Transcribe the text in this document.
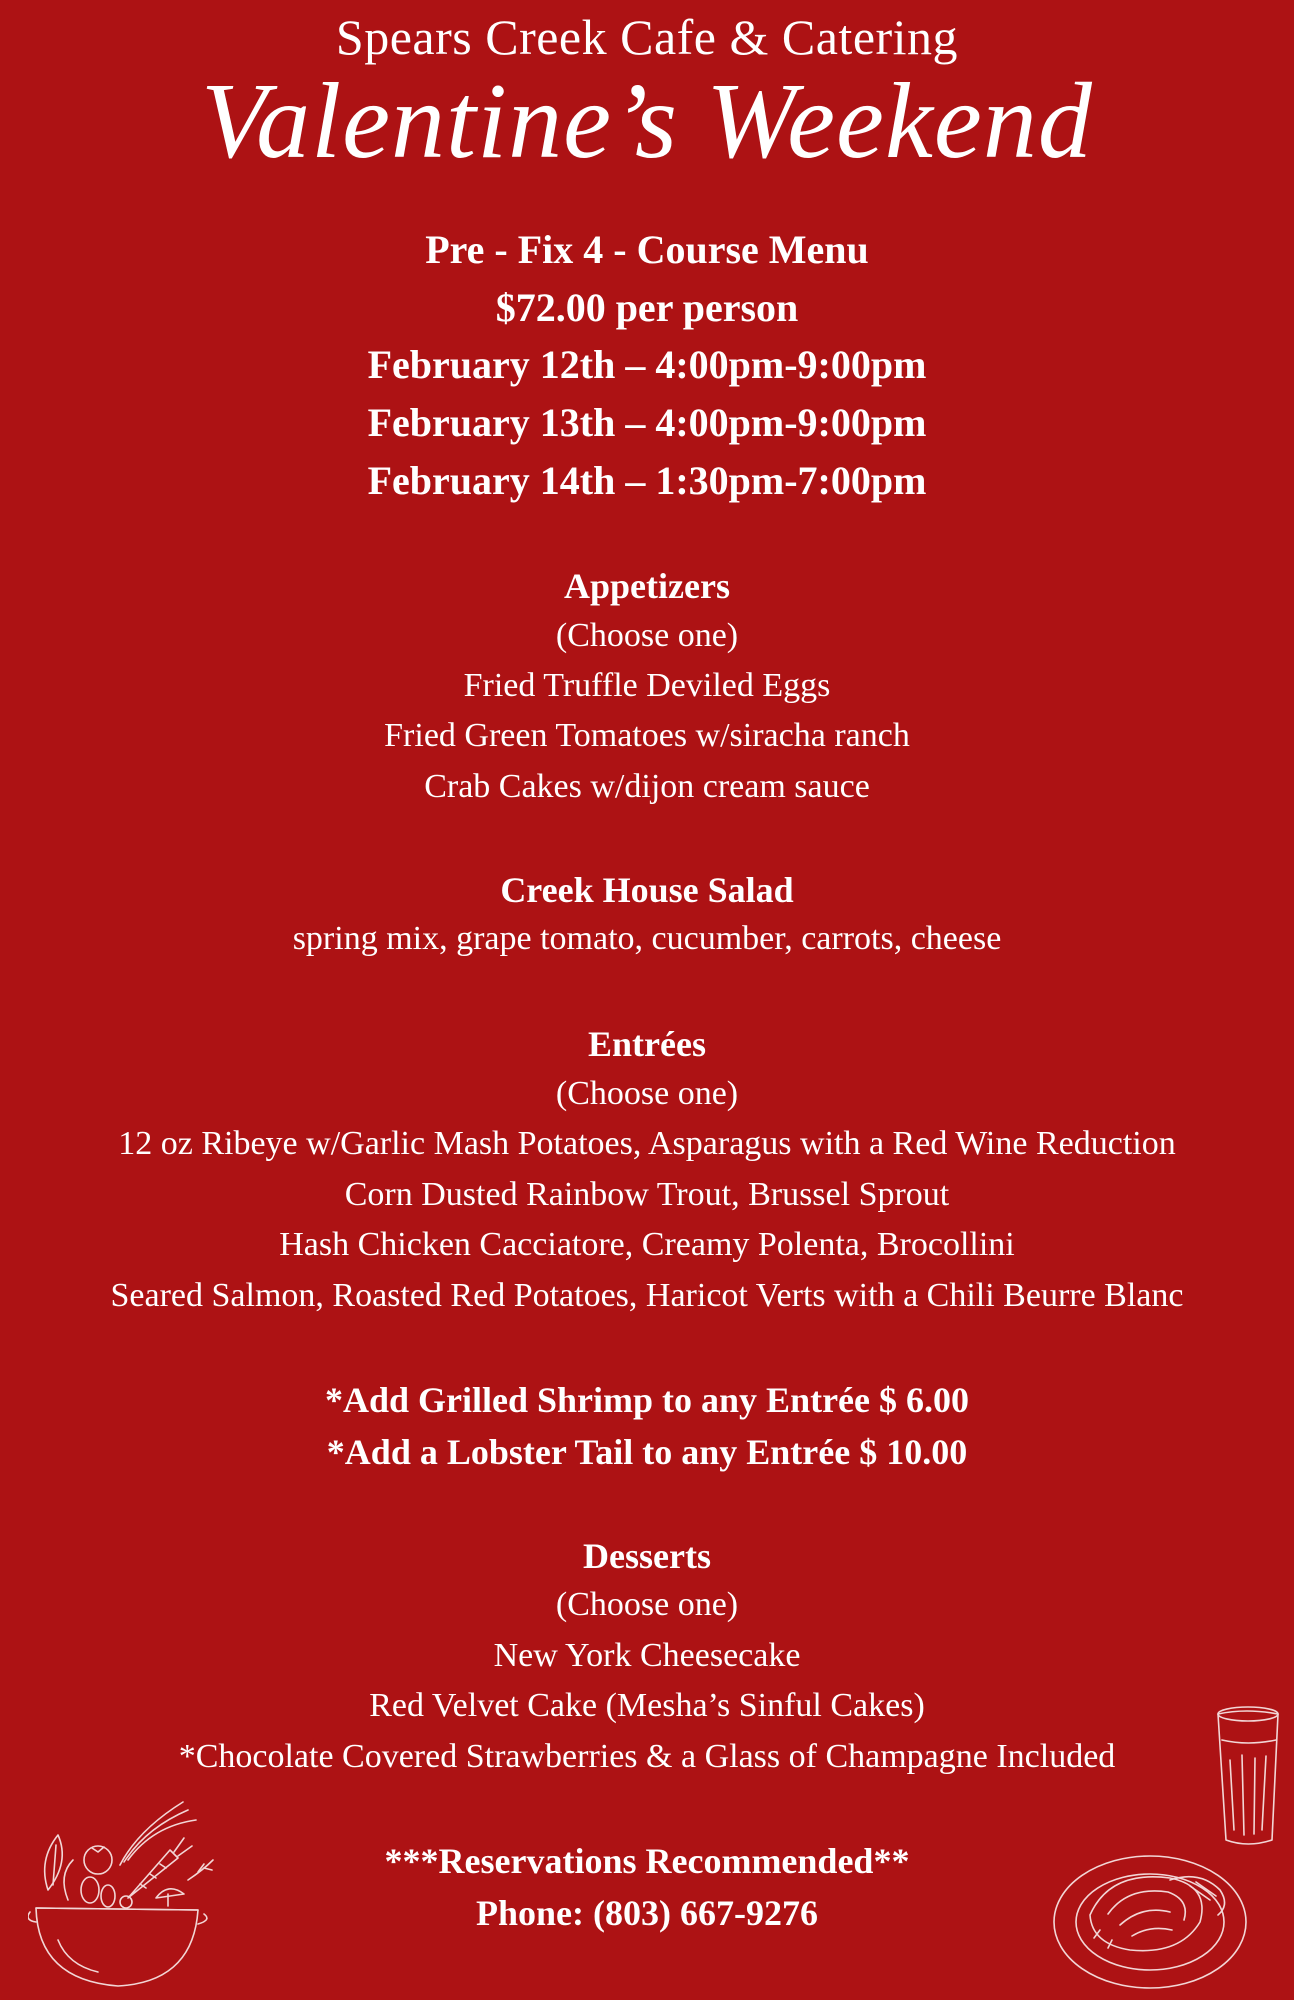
Spears Creek Cafe & Catering
Valentine’s Weekend
Pre - Fix 4 - Course Menu
$72.00 per person
February 12th – 4:00pm-9:00pm
February 13th – 4:00pm-9:00pm
February 14th – 1:30pm-7:00pm
Appetizers
(Choose one)
Fried Truffle Deviled Eggs
Fried Green Tomatoes w/siracha ranch
Crab Cakes w/dijon cream sauce
Creek House Salad
spring mix, grape tomato, cucumber, carrots, cheese
Entrées
(Choose one)
12 oz Ribeye w/Garlic Mash Potatoes, Asparagus with a Red Wine Reduction
Corn Dusted Rainbow Trout, Brussel Sprout
Hash Chicken Cacciatore, Creamy Polenta, Brocollini
Seared Salmon, Roasted Red Potatoes, Haricot Verts with a Chili Beurre Blanc
*Add Grilled Shrimp to any Entrée $ 6.00
*Add a Lobster Tail to any Entrée $ 10.00
Desserts
(Choose one)
New York Cheesecake
Red Velvet Cake (Mesha’s Sinful Cakes)
*Chocolate Covered Strawberries & a Glass of Champagne Included
***Reservations Recommended**
Phone: (803) 667-9276
